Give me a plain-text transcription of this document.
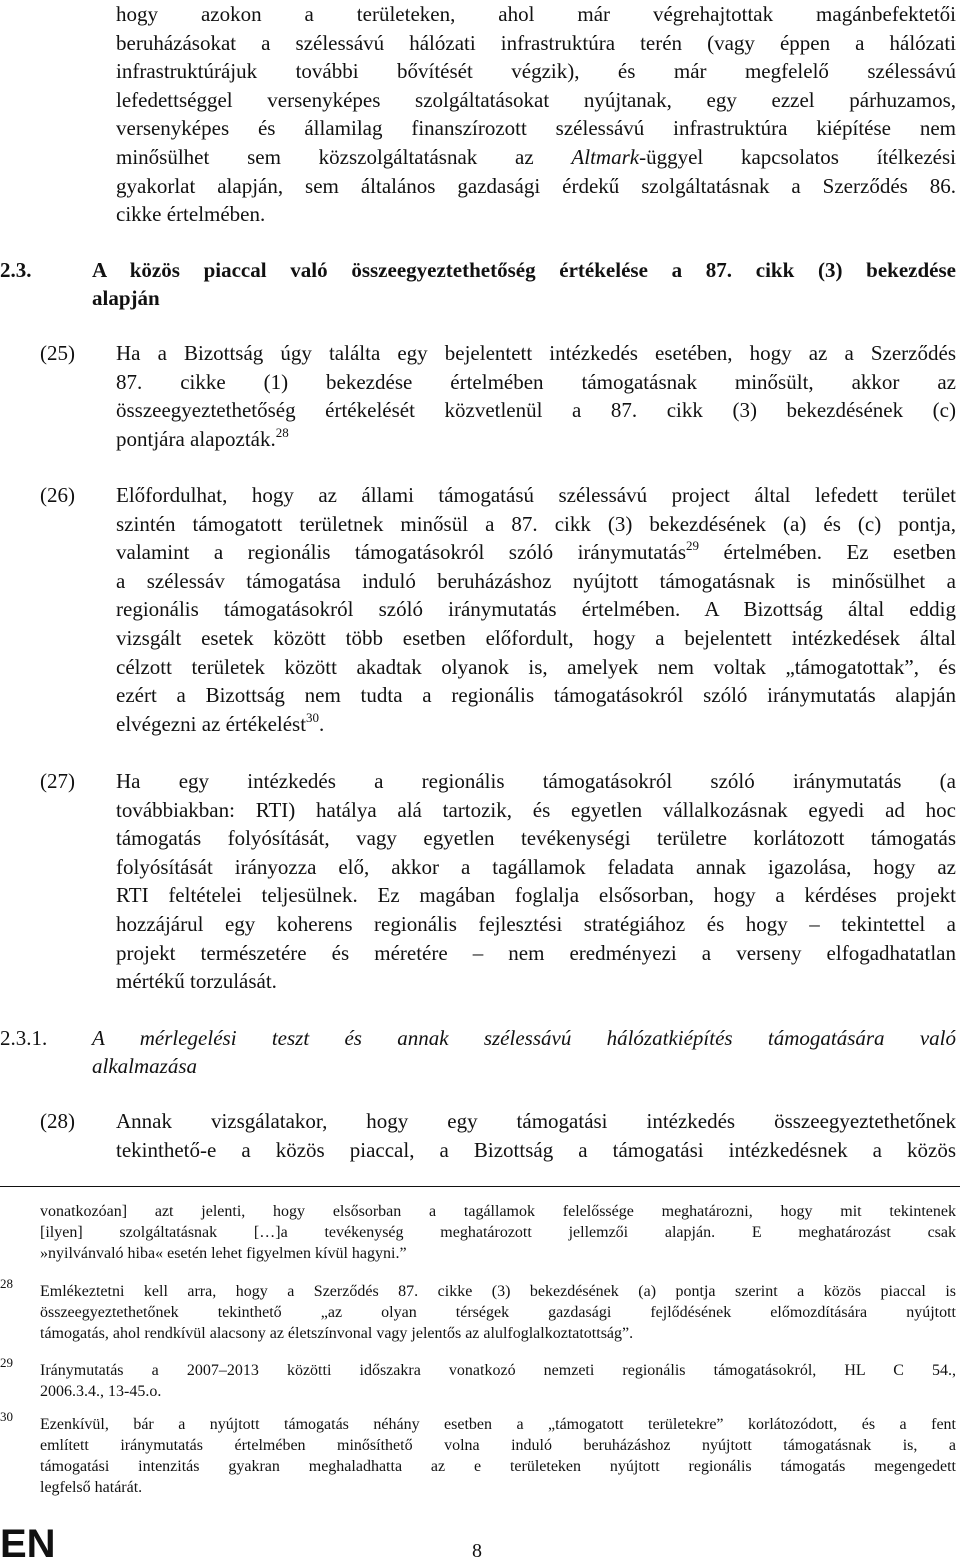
hogy azokon a területeken, ahol már végrehajtottak magánbefektetői
beruházásokat a szélessávú hálózati infrastruktúra terén (vagy éppen a hálózati
infrastruktúrájuk további bővítését végzik), és már megfelelő szélessávú
lefedettséggel versenyképes szolgáltatásokat nyújtanak, egy ezzel párhuzamos,
versenyképes és államilag finanszírozott szélessávú infrastruktúra kiépítése nem
minősülhet sem közszolgáltatásnak az Altmark-üggyel kapcsolatos ítélkezési
gyakorlat alapján, sem általános gazdasági érdekű szolgáltatásnak a Szerződés 86.
cikke értelmében.
2.3.	A közös piaccal való összeegyeztethetőség értékelése a 87. cikk (3) bekezdése
alapján
(25) Ha a Bizottság úgy találta egy bejelentett intézkedés esetében, hogy az a Szerződés
87. cikke (1) bekezdése értelmében támogatásnak minősült, akkor az
összeegyeztethetőség értékelését közvetlenül a 87. cikk (3) bekezdésének (c)
pontjára alapozták.$^{28}$
(26) Előfordulhat, hogy az állami támogatású szélessávú project által lefedett terület
szintén támogatott területnek minősül a 87. cikk (3) bekezdésének (a) és (c) pontja,
valamint a regionális támogatásokról szóló iránymutatás$^{29}$ értelmében. Ez esetben
a szélessáv támogatása induló beruházáshoz nyújtott támogatásnak is minősülhet a
regionális támogatásokról szóló iránymutatás értelmében. A Bizottság által eddig
vizsgált esetek között több esetben előfordult, hogy a bejelentett intézkedések által
célzott területek között akadtak olyanok is, amelyek nem voltak „támogatottak”, és
ezért a Bizottság nem tudta a regionális támogatásokról szóló iránymutatás alapján
elvégezni az értékelést$^{30}$.
(27) Ha egy intézkedés a regionális támogatásokról szóló iránymutatás (a
továbbiakban: RTI) hatálya alá tartozik, és egyetlen vállalkozásnak egyedi ad hoc
támogatás folyósítását, vagy egyetlen tevékenységi területre korlátozott támogatás
folyósítását irányozza elő, akkor a tagállamok feladata annak igazolása, hogy az
RTI feltételei teljesülnek. Ez magában foglalja elsősorban, hogy a kérdéses projekt
hozzájárul egy koherens regionális fejlesztési stratégiához és hogy – tekintettel a
projekt természetére és méretére – nem eredményezi a verseny elfogadhatatlan
mértékű torzulását.
2.3.1. A mérlegelési teszt és annak szélessávú hálózatkiépítés támogatására való
alkalmazása
(28) Annak vizsgálatakor, hogy egy támogatási intézkedés összeegyeztethetőnek
tekinthető-e a közös piaccal, a Bizottság a támogatási intézkedésnek a közös
vonatkozóan] azt jelenti, hogy elsősorban a tagállamok felelőssége meghatározni, hogy mit tekintenek
[ilyen] szolgáltatásnak […]a tevékenység meghatározott jellemzői alapján. E meghatározást csak
»nyilvánvaló hiba« esetén lehet figyelmen kívül hagyni.”
28 Emlékeztetni kell arra, hogy a Szerződés 87. cikke (3) bekezdésének (a) pontja szerint a közös piaccal is
összeegyeztethetőnek tekinthető „az olyan térségek gazdasági fejlődésének előmozdítására nyújtott
támogatás, ahol rendkívül alacsony az életszínvonal vagy jelentős az alulfoglalkoztatottság”.
29 Iránymutatás a 2007–2013 közötti időszakra vonatkozó nemzeti regionális támogatásokról, HL C 54.,
2006.3.4., 13-45.o.
30 Ezenkívül, bár a nyújtott támogatás néhány esetben a „támogatott területekre” korlátozódott, és a fent
említett iránymutatás értelmében minősíthető volna induló beruházáshoz nyújtott támogatásnak is, a
támogatási intenzitás gyakran meghaladhatta az e területeken nyújtott regionális támogatás megengedett
legfelső határát.
EN	8
